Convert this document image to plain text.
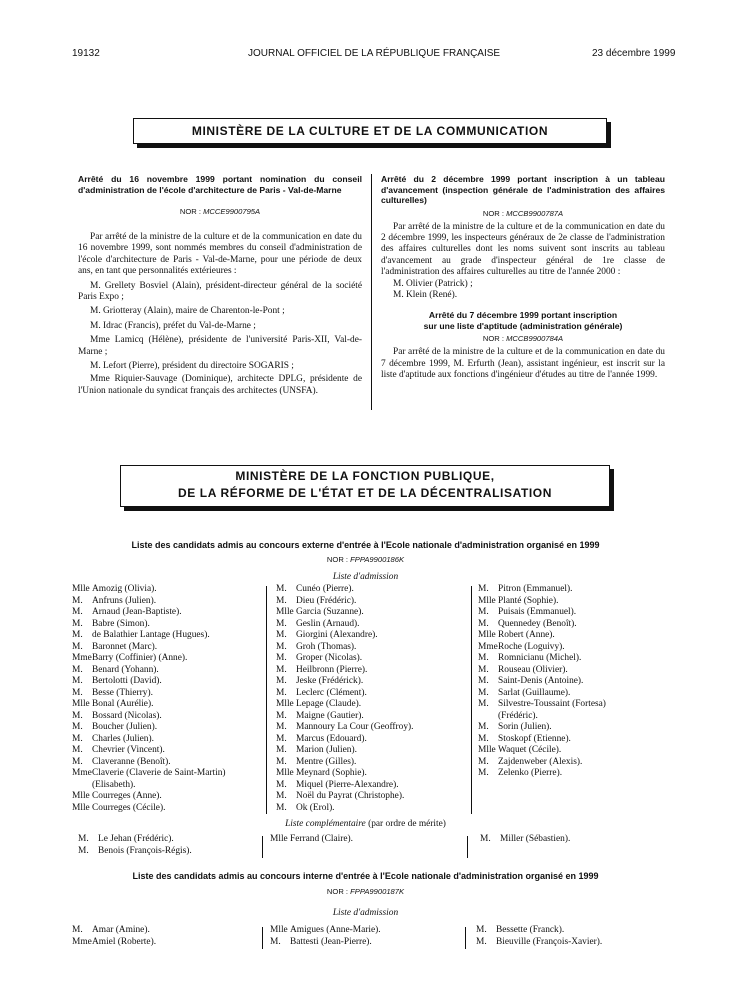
19132	JOURNAL OFFICIEL DE LA RÉPUBLIQUE FRANÇAISE	23 décembre 1999
MINISTÈRE DE LA CULTURE ET DE LA COMMUNICATION
Arrêté du 16 novembre 1999 portant nomination du conseil d'administration de l'école d'architecture de Paris - Val-de-Marne
NOR : MCCE9900795A

Par arrêté de la ministre de la culture et de la communication en date du 16 novembre 1999, sont nommés membres du conseil d'administration de l'école d'architecture de Paris - Val-de-Marne, pour une période de deux ans, en tant que personnalités extérieures :

M. Grellety Bosviel (Alain), président-directeur général de la société Paris Expo ;

M. Griotteray (Alain), maire de Charenton-le-Pont ;

M. Idrac (Francis), préfet du Val-de-Marne ;

Mme Lamicq (Hélène), présidente de l'université Paris-XII, Val-de-Marne ;

M. Lefort (Pierre), président du directoire SOGARIS ;

Mme Riquier-Sauvage (Dominique), architecte DPLG, présidente de l'Union nationale du syndicat français des architectes (UNSFA).

Arrêté du 2 décembre 1999 portant inscription à un tableau d'avancement (inspection générale de l'administration des affaires culturelles)
NOR : MCCB9900787A

Par arrêté de la ministre de la culture et de la communication en date du 2 décembre 1999, les inspecteurs généraux de 2e classe de l'administration des affaires culturelles dont les noms suivent sont inscrits au tableau d'avancement au grade d'inspecteur général de 1re classe de l'administration des affaires culturelles au titre de l'année 2000 :

M. Olivier (Patrick) ;

M. Klein (René).

Arrêté du 7 décembre 1999 portant inscription
sur une liste d'aptitude (administration générale)
NOR : MCCB9900784A

Par arrêté de la ministre de la culture et de la communication en date du 7 décembre 1999, M. Erfurth (Jean), assistant ingénieur, est inscrit sur la liste d'aptitude aux fonctions d'ingénieur d'études au titre de l'année 1999.

MINISTÈRE DE LA FONCTION PUBLIQUE,
DE LA RÉFORME DE L'ÉTAT ET DE LA DÉCENTRALISATION
Liste des candidats admis au concours externe d'entrée à l'Ecole nationale d'administration organisé en 1999
NOR : FPPA9900186K
Liste d'admission
Mlle Amozig (Olivia).
M. Anfruns (Julien).
M. Arnaud (Jean-Baptiste).
M. Babre (Simon).
M. de Balathier Lantage (Hugues).
M. Baronnet (Marc).
MmeBarry (Coffinier) (Anne).
M. Benard (Yohann).
M. Bertolotti (David).
M. Besse (Thierry).
Mlle Bonal (Aurélie).
M. Bossard (Nicolas).
M. Boucher (Julien).
M. Charles (Julien).
M. Chevrier (Vincent).
M. Claveranne (Benoît).
MmeClaverie (Claverie de Saint-Martin)
(Elisabeth).
Mlle Courreges (Anne).
Mlle Courreges (Cécile).
M. Cunéo (Pierre).
M. Dieu (Frédéric).
Mlle Garcia (Suzanne).
M. Geslin (Arnaud).
M. Giorgini (Alexandre).
M. Groh (Thomas).
M. Groper (Nicolas).
M. Heilbronn (Pierre).
M. Jeske (Frédérick).
M. Leclerc (Clément).
Mlle Lepage (Claude).
M. Maigne (Gautier).
M. Mannoury La Cour (Geoffroy).
M. Marcus (Edouard).
M. Marion (Julien).
M. Mentre (Gilles).
Mlle Meynard (Sophie).
M. Miquel (Pierre-Alexandre).
M. Noël du Payrat (Christophe).
M. Ok (Erol).
M. Pitron (Emmanuel).
Mlle Planté (Sophie).
M. Puisais (Emmanuel).
M. Quennedey (Benoît).
Mlle Robert (Anne).
MmeRoche (Loguivy).
M. Romnicianu (Michel).
M. Rouseau (Olivier).
M. Saint-Denis (Antoine).
M. Sarlat (Guillaume).
M. Silvestre-Toussaint (Fortesa)
(Frédéric).
M. Sorin (Julien).
M. Stoskopf (Etienne).
Mlle Waquet (Cécile).
M. Zajdenweber (Alexis).
M. Zelenko (Pierre).
Liste complémentaire (par ordre de mérite)
M. Le Jehan (Frédéric).
M. Benois (François-Régis).
Mlle Ferrand (Claire).	M. Miller (Sébastien).
Liste des candidats admis au concours interne d'entrée à l'Ecole nationale d'administration organisé en 1999
NOR : FPPA9900187K
Liste d'admission
M. Amar (Amine).
MmeAmiel (Roberte).
Mlle Amigues (Anne-Marie).
M. Battesti (Jean-Pierre).
M. Bessette (Franck).
M. Bieuville (François-Xavier).
